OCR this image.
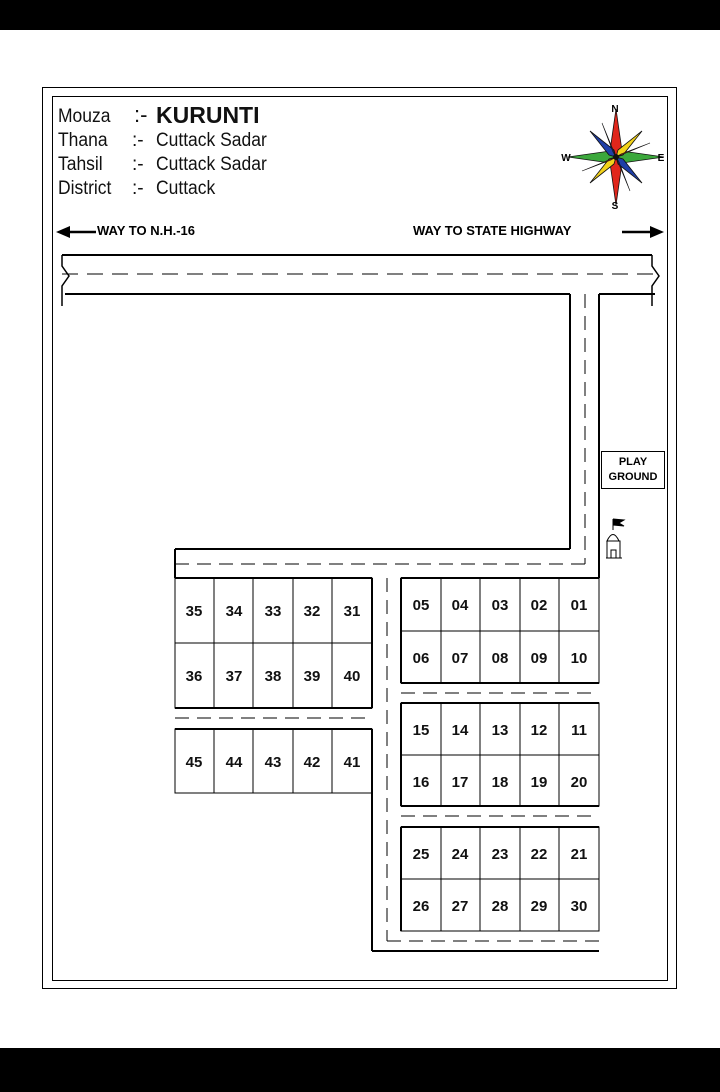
Mouza :- KURUNTI
Thana :- Cuttack Sadar
Tahsil :- Cuttack Sadar
District :- Cuttack
WAY TO N.H.-16	WAY TO STATE HIGHWAY
N
S
W	E
05 04 03 02 01
06 07 08 09 10
15 14 13 12 11
16 17 18 19 20
25 24 23 22 21
26 27 28 29 30
35 34 33 32 31
36 37 38 39 40
45 44 43 42 41
PLAY
GROUND
